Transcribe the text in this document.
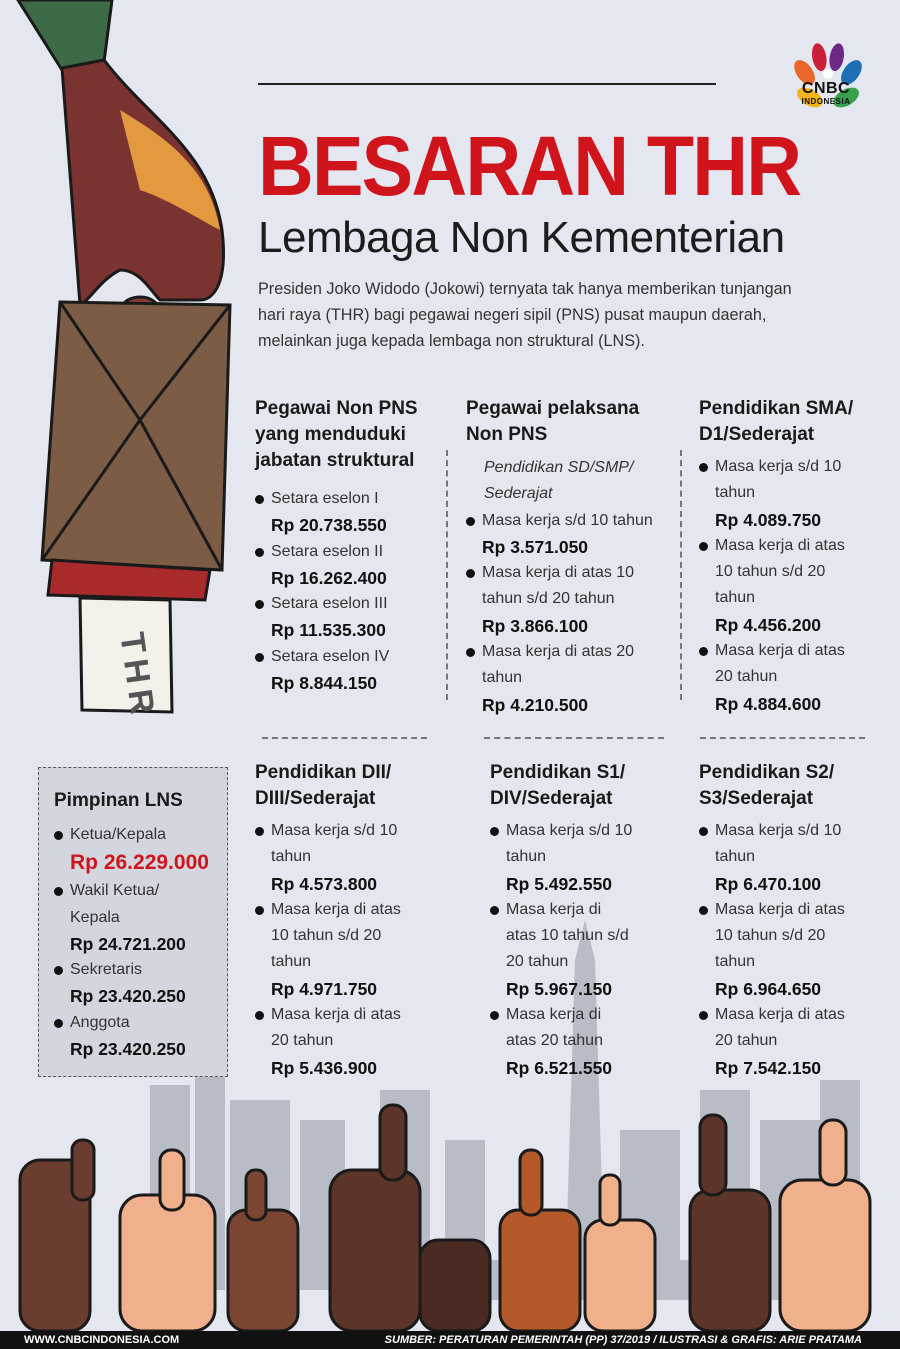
THR
CNBC
INDONESIA
BESARAN THR
Lembaga Non Kementerian
Presiden Joko Widodo (Jokowi) ternyata tak hanya memberikan tunjangan hari raya (THR) bagi pegawai negeri sipil (PNS) pusat maupun daerah, melainkan juga kepada lembaga non struktural (LNS).
Pegawai Non PNS
yang menduduki
jabatan struktural
Setara eselon I
Rp 20.738.550
Setara eselon II
Rp 16.262.400
Setara eselon III
Rp 11.535.300
Setara eselon IV
Rp 8.844.150
Pegawai pelaksana
Non PNS
Pendidikan SD/SMP/
Sederajat
Masa kerja s/d 10 tahun
Rp 3.571.050
Masa kerja di atas 10
tahun s/d 20 tahun
Rp 3.866.100
Masa kerja di atas 20
tahun
Rp 4.210.500
Pendidikan SMA/
D1/Sederajat
Masa kerja s/d 10
tahun
Rp 4.089.750
Masa kerja di atas
10 tahun s/d 20
tahun
Rp 4.456.200
Masa kerja di atas
20 tahun
Rp 4.884.600
Pimpinan LNS
Ketua/Kepala
Rp 26.229.000
Wakil Ketua/
Kepala
Rp 24.721.200
Sekretaris
Rp 23.420.250
Anggota
Rp 23.420.250
Pendidikan DII/
DIII/Sederajat
Masa kerja s/d 10
tahun
Rp 4.573.800
Masa kerja di atas
10 tahun s/d 20
tahun
Rp 4.971.750
Masa kerja di atas
20 tahun
Rp 5.436.900
Pendidikan S1/
DIV/Sederajat
Masa kerja s/d 10
tahun
Rp 5.492.550
Masa kerja di
atas 10 tahun s/d
20 tahun
Rp 5.967.150
Masa kerja di
atas 20 tahun
Rp 6.521.550
Pendidikan S2/
S3/Sederajat
Masa kerja s/d 10
tahun
Rp 6.470.100
Masa kerja di atas
10 tahun s/d 20
tahun
Rp 6.964.650
Masa kerja di atas
20 tahun
Rp 7.542.150
WWW.CNBCINDONESIA.COM	SUMBER: PERATURAN PEMERINTAH (PP) 37/2019 / ILUSTRASI & GRAFIS: ARIE PRATAMA
